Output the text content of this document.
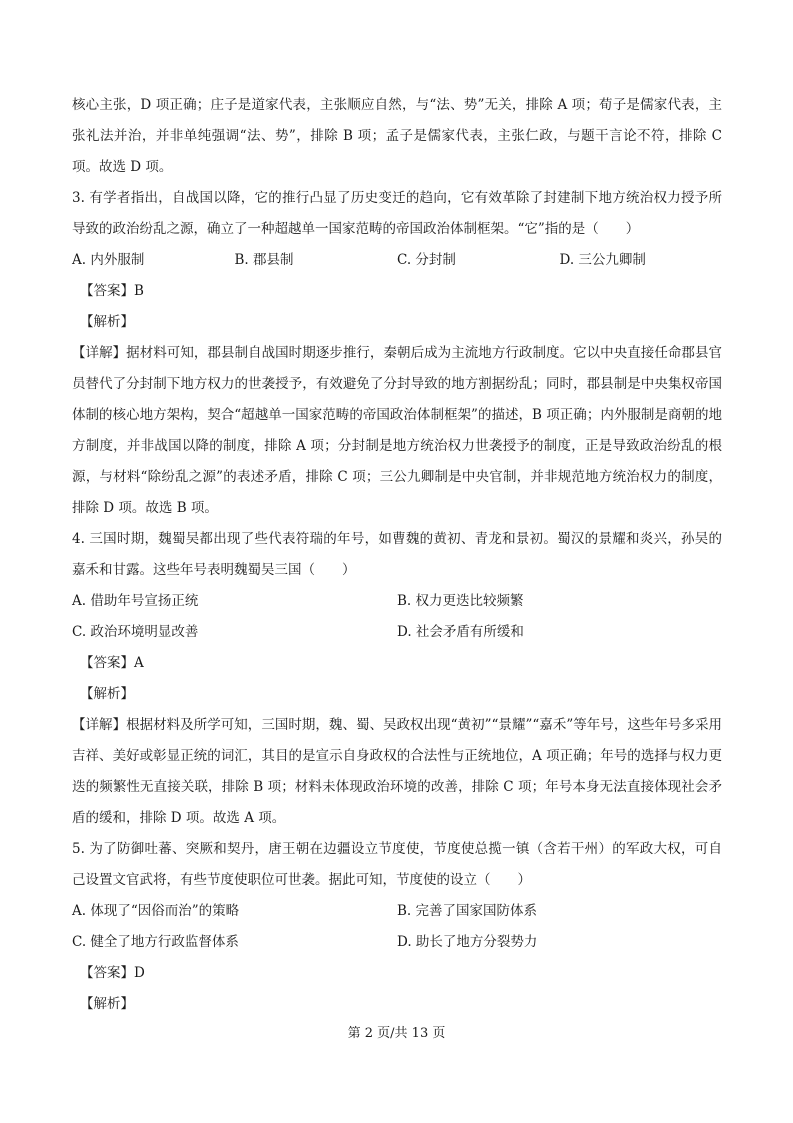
核心主张，D 项正确；庄子是道家代表，主张顺应自然，与“法、势”无关，排除 A 项；荀子是儒家代表，主张礼法并治，并非单纯强调“法、势”，排除 B 项；孟子是儒家代表，主张仁政，与题干言论不符，排除 C 项。故选 D 项。

3. 有学者指出，自战国以降，它的推行凸显了历史变迁的趋向，它有效革除了封建制下地方统治权力授予所导致的政治纷乱之源，确立了一种超越单一国家范畴的帝国政治体制框架。“它”指的是（　　）

A. 内外服制	B. 郡县制	C. 分封制	D. 三公九卿制
【答案】B
【解析】

【详解】据材料可知，郡县制自战国时期逐步推行，秦朝后成为主流地方行政制度。它以中央直接任命郡县官员替代了分封制下地方权力的世袭授予，有效避免了分封导致的地方割据纷乱；同时，郡县制是中央集权帝国体制的核心地方架构，契合“超越单一国家范畴的帝国政治体制框架”的描述，B 项正确；内外服制是商朝的地方制度，并非战国以降的制度，排除 A 项；分封制是地方统治权力世袭授予的制度，正是导致政治纷乱的根源，与材料“除纷乱之源”的表述矛盾，排除 C 项；三公九卿制是中央官制，并非规范地方统治权力的制度，排除 D 项。故选 B 项。

4. 三国时期，魏蜀吴都出现了些代表符瑞的年号，如曹魏的黄初、青龙和景初。蜀汉的景耀和炎兴，孙吴的嘉禾和甘露。这些年号表明魏蜀吴三国（　　）

A. 借助年号宣扬正统	B. 权力更迭比较频繁
C. 政治环境明显改善	D. 社会矛盾有所缓和
【答案】A
【解析】

【详解】根据材料及所学可知，三国时期，魏、蜀、吴政权出现“黄初”“景耀”“嘉禾”等年号，这些年号多采用吉祥、美好或彰显正统的词汇，其目的是宣示自身政权的合法性与正统地位，A 项正确；年号的选择与权力更迭的频繁性无直接关联，排除 B 项；材料未体现政治环境的改善，排除 C 项；年号本身无法直接体现社会矛盾的缓和，排除 D 项。故选 A 项。

5. 为了防御吐蕃、突厥和契丹，唐王朝在边疆设立节度使，节度使总揽一镇（含若干州）的军政大权，可自己设置文官武将，有些节度使职位可世袭。据此可知，节度使的设立（　　）

A. 体现了“因俗而治”的策略	B. 完善了国家国防体系
C. 健全了地方行政监督体系	D. 助长了地方分裂势力
【答案】D
【解析】
第 2 页/共 13 页
